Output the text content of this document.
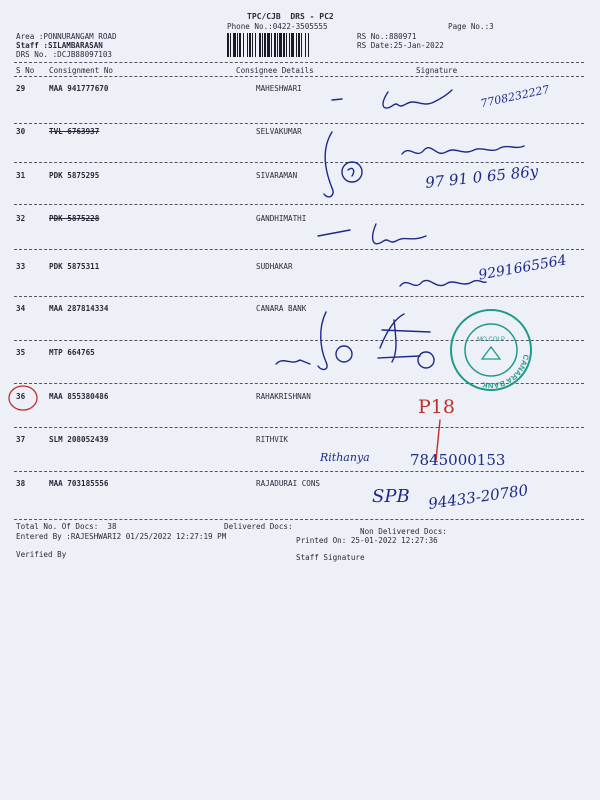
TPC/CJB  DRS - PC2
Phone No.:0422-3505555	Page No.:3
Area :PONNURANGAM ROAD
Staff :SILAMBARASAN
DRS No. :DCJB88097103
RS No.:880971
RS Date:25-Jan-2022
S No Consignment No	Consignee Details	Signature
29	MAA 941777670	MAHESHWARI
30	TVL 6763937	SELVAKUMAR
31	PDK 5875295	SIVARAMAN
32	PDK 5875228	GANDHIMATHI
33	PDK 5875311	SUDHAKAR
34	MAA 287814334	CANARA BANK
35	MTP 664765
36	MAA 855380486	RAHAKRISHNAN
37	SLM 208052439	RITHVIK
38	MAA 703185556	RAJADURAI CONS
7708232227
97 91 0 65 86y
9291665564
CANARA BANK
MO COLP
P18
Rithanya	7845000153
SPB 94433-20780
Total No. Of Docs:  38	Delivered Docs:
Non Delivered Docs:
Entered By :RAJESHWARI2 01/25/2022 12:27:19 PM	Printed On: 25-01-2022 12:27:36
Verified By	Staff Signature
